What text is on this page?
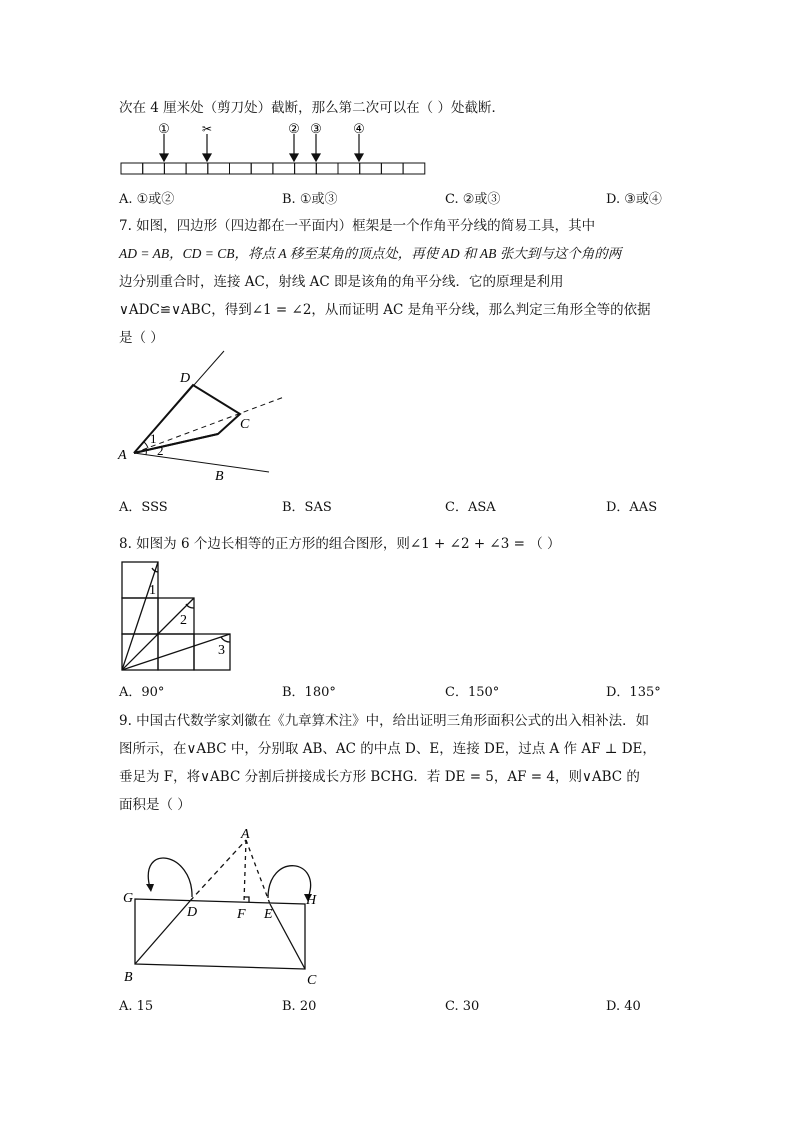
次在 4 厘米处（剪刀处）截断，那么第二次可以在（ ）处截断．
①	✂	② ③ ④
A. ①或②	B. ①或③	C. ②或③	D. ③或④
7. 如图，四边形（四边都在一平面内）框架是一个作角平分线的简易工具，其中
AD = AB，CD = CB，将点 A 移至某角的顶点处，再使 AD 和 AB 张大到与这个角的两
边分别重合时，连接 AC，射线 AC 即是该角的角平分线．它的原理是利用
∨ADC≌∨ABC，得到∠1 = ∠2，从而证明 AC 是角平分线，那么判定三角形全等的依据
是（ ）
D
C
A
B
1
2
A．SSS	B．SAS	C．ASA	D．AAS
8. 如图为 6 个边长相等的正方形的组合图形，则∠1 + ∠2 + ∠3 = （ ）
1
2
3
A．90°	B．180°	C．150°	D．135°
9. 中国古代数学家刘徽在《九章算术注》中，给出证明三角形面积公式的出入相补法．如
图所示，在∨ABC 中，分别取 AB、AC 的中点 D、E，连接 DE，过点 A 作 AF ⊥ DE，
垂足为 F，将∨ABC 分割后拼接成长方形 BCHG．若 DE = 5，AF = 4，则∨ABC 的
面积是（ ）
A
G	H
D	F E
B	C
A. 15	B. 20	C. 30	D. 40
